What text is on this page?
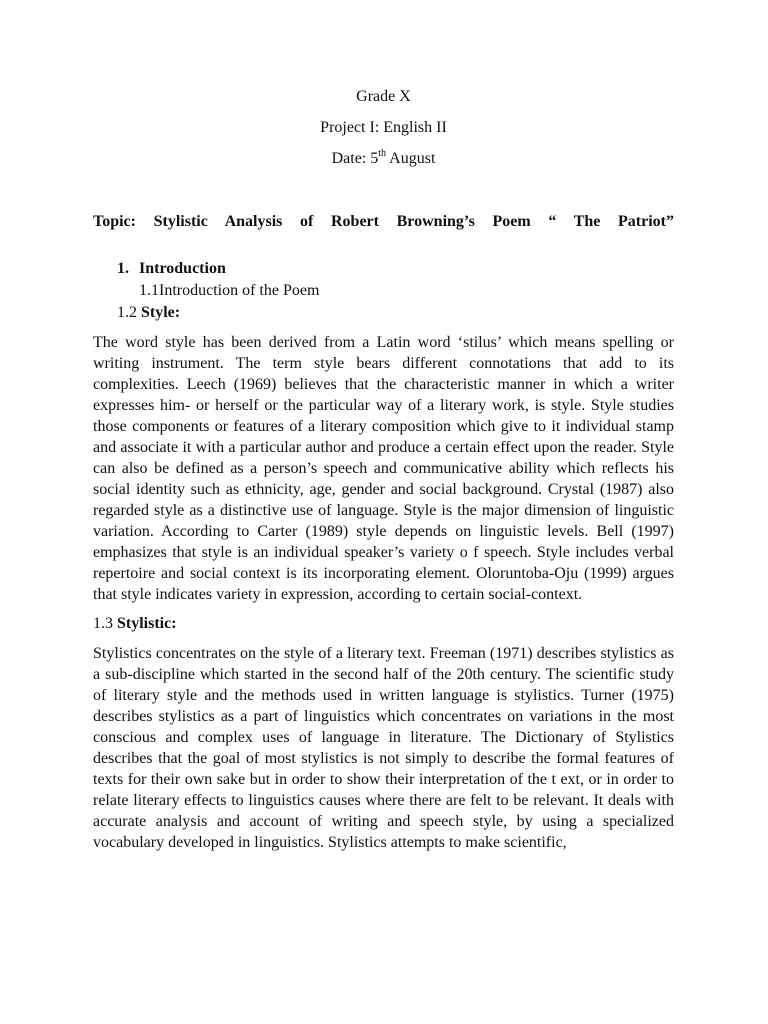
Grade X
Project I: English II
Date: 5th August
Topic: Stylistic Analysis of Robert Browning’s Poem “ The Patriot”
1. Introduction
1.1Introduction of the Poem
1.2 Style:

The word style has been derived from a Latin word ‘stilus’ which means spelling or writing instrument. The term style bears different connotations that add to its complexities. Leech (1969) believes that the characteristic manner in which a writer expresses him- or herself or the particular way of a literary work, is style. Style studies those components or features of a literary composition which give to it individual stamp and associate it with a particular author and produce a certain effect upon the reader. Style can also be defined as a person’s speech and communicative ability which reflects his social identity such as ethnicity, age, gender and social background. Crystal (1987) also regarded style as a distinctive use of language. Style is the major dimension of linguistic variation. According to Carter (1989) style depends on linguistic levels. Bell (1997) emphasizes that style is an individual speaker’s variety o f speech. Style includes verbal repertoire and social context is its incorporating element. Oloruntoba-Oju (1999) argues that style indicates variety in expression, according to certain social-context.

1.3 Stylistic:

Stylistics concentrates on the style of a literary text. Freeman (1971) describes stylistics as a sub-discipline which started in the second half of the 20th century. The scientific study of literary style and the methods used in written language is stylistics. Turner (1975) describes stylistics as a part of linguistics which concentrates on variations in the most conscious and complex uses of language in literature. The Dictionary of Stylistics describes that the goal of most stylistics is not simply to describe the formal features of texts for their own sake but in order to show their interpretation of the t ext, or in order to relate literary effects to linguistics causes where there are felt to be relevant. It deals with accurate analysis and account of writing and speech style, by using a specialized vocabulary developed in linguistics. Stylistics attempts to make scientific,
